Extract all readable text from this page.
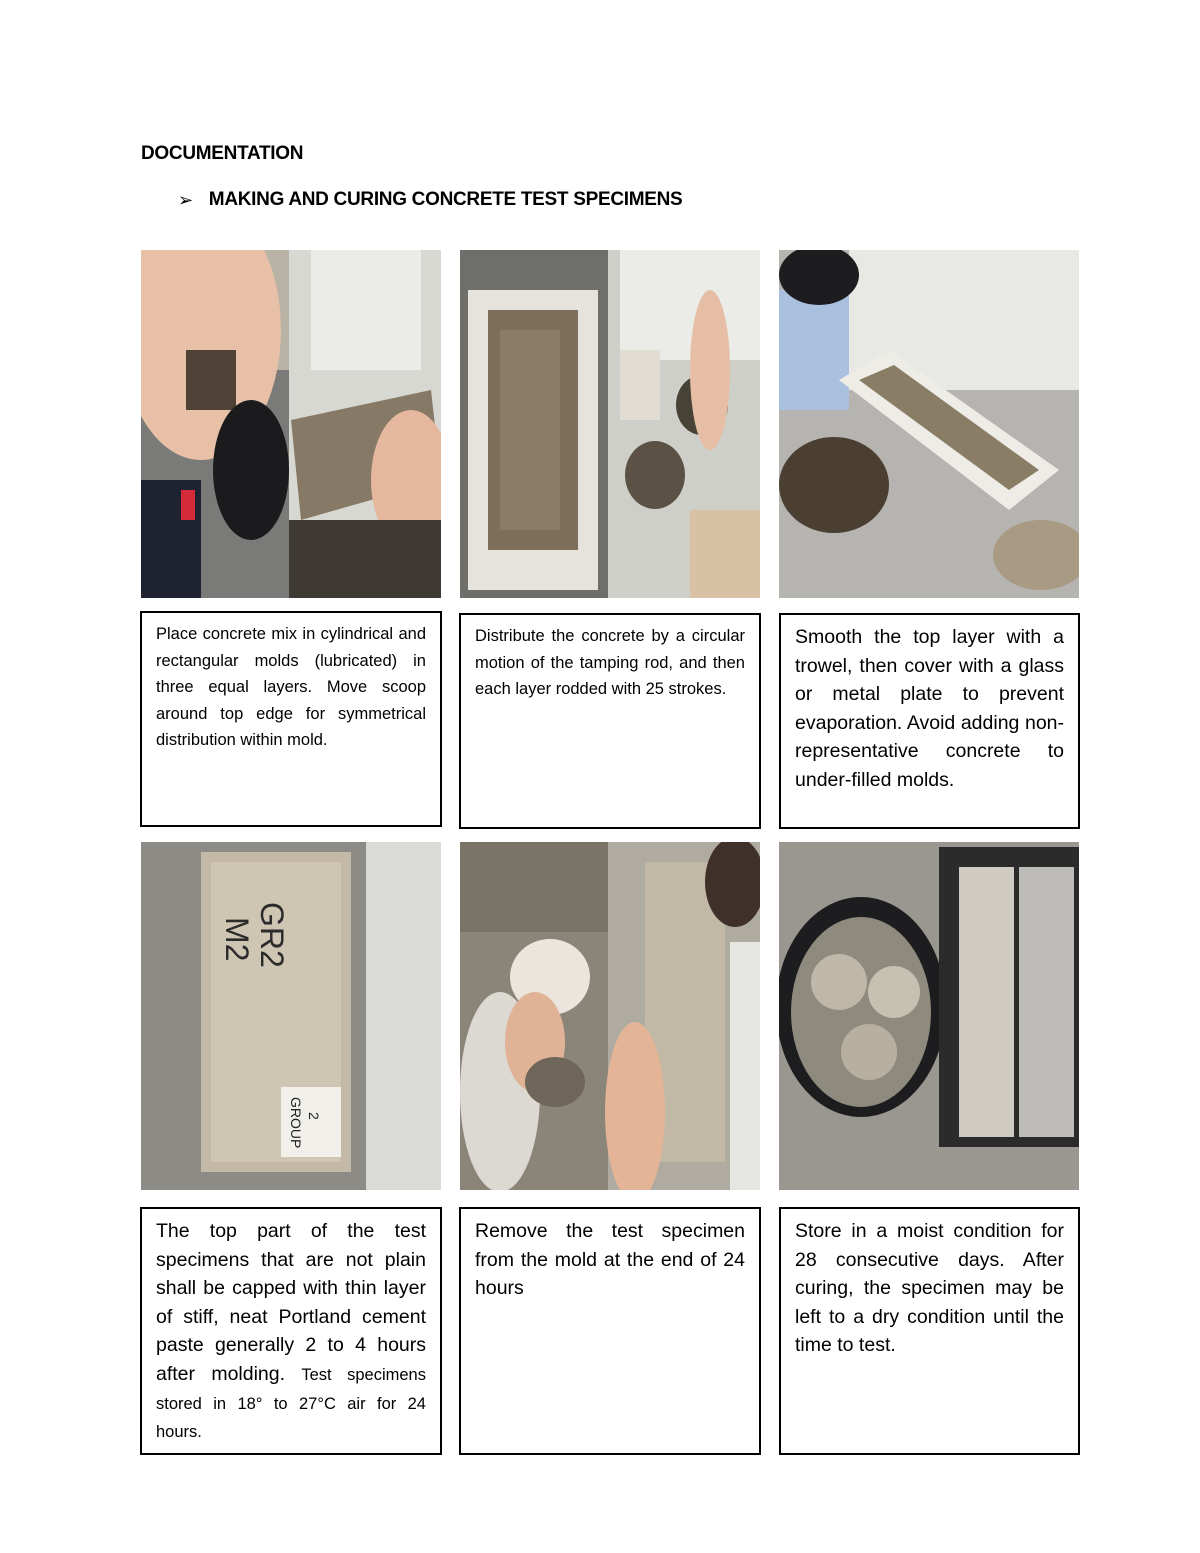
DOCUMENTATION
➢ MAKING AND CURING CONCRETE TEST SPECIMENS

Place concrete mix in cylindrical and rectangular molds (lubricated) in three equal layers. Move scoop around top edge for symmetrical distribution within mold.

Distribute the concrete by a circular motion of the tamping rod, and then each layer rodded with 25 strokes.

Smooth the top layer with a trowel, then cover with a glass or metal plate to prevent evaporation. Avoid adding non-representative concrete to under-filled molds.

GR2
M2
GROUP 2

The top part of the test specimens that are not plain shall be capped with thin layer of stiff, neat Portland cement paste generally 2 to 4 hours after molding. Test specimens stored in 18° to 27°C air for 24 hours.

Remove the test specimen from the mold at the end of 24 hours

Store in a moist condition for 28 consecutive days. After curing, the specimen may be left to a dry condition until the time to test.
